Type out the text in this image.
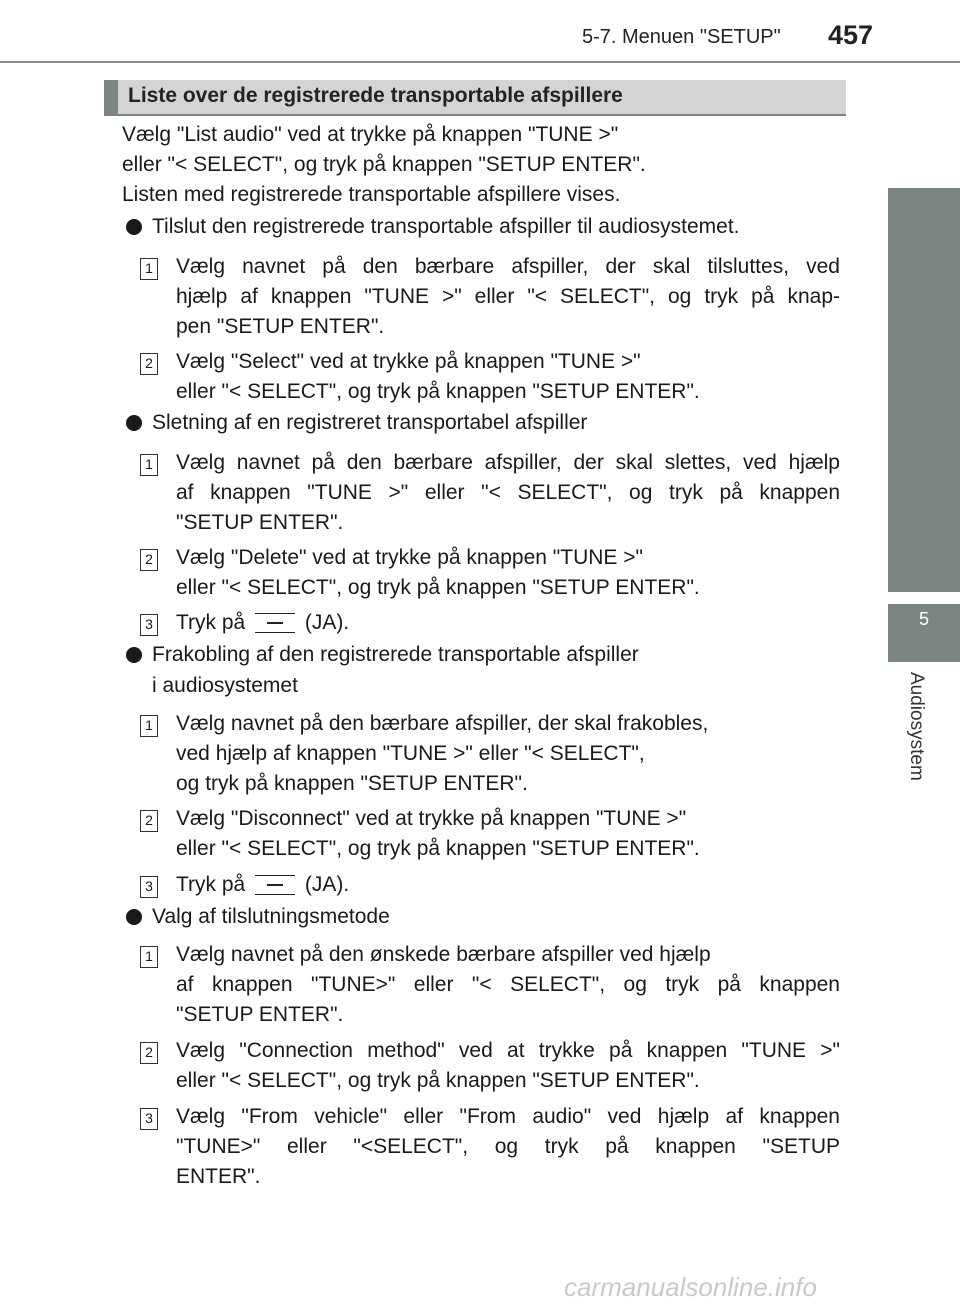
5-7. Menuen "SETUP" 457
5
Audiosystem
Liste over de registrerede transportable afspillere
Vælg "List audio" ved at trykke på knappen "TUNE >"
eller "< SELECT", og tryk på knappen "SETUP ENTER".
Listen med registrerede transportable afspillere vises.
Tilslut den registrerede transportable afspiller til audiosystemet.
1 Vælg navnet på den bærbare afspiller, der skal tilsluttes, ved
hjælp af knappen "TUNE >" eller "< SELECT", og tryk på knap-
pen "SETUP ENTER".
2 Vælg "Select" ved at trykke på knappen "TUNE >"
eller "< SELECT", og tryk på knappen "SETUP ENTER".
Sletning af en registreret transportabel afspiller
1 Vælg navnet på den bærbare afspiller, der skal slettes, ved hjælp
af knappen "TUNE >" eller "< SELECT", og tryk på knappen
"SETUP ENTER".
2 Vælg "Delete" ved at trykke på knappen "TUNE >"
eller "< SELECT", og tryk på knappen "SETUP ENTER".
3 Tryk på	(JA).
Frakobling af den registrerede transportable afspiller
i audiosystemet
1 Vælg navnet på den bærbare afspiller, der skal frakobles,
ved hjælp af knappen "TUNE >" eller "< SELECT",
og tryk på knappen "SETUP ENTER".
2 Vælg "Disconnect" ved at trykke på knappen "TUNE >"
eller "< SELECT", og tryk på knappen "SETUP ENTER".
3 Tryk på	(JA).
Valg af tilslutningsmetode
1 Vælg navnet på den ønskede bærbare afspiller ved hjælp
af knappen "TUNE>" eller "< SELECT", og tryk på knappen
"SETUP ENTER".
2 Vælg "Connection method" ved at trykke på knappen "TUNE >"
eller "< SELECT", og tryk på knappen "SETUP ENTER".
3 Vælg "From vehicle" eller "From audio" ved hjælp af knappen
"TUNE>" eller "<SELECT", og tryk på knappen "SETUP
ENTER".
carmanualsonline.info
